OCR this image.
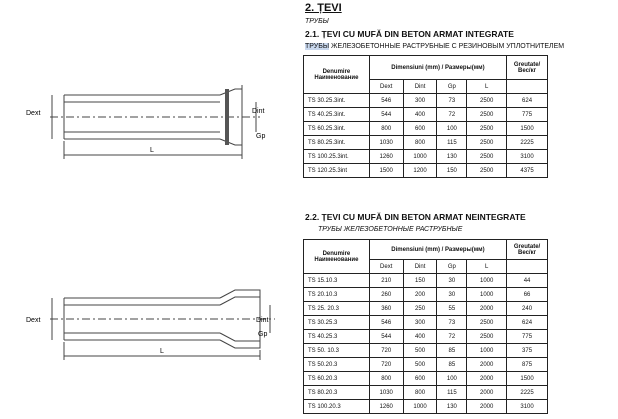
2. ȚEVI
ТРУБЫ
2.1. ȚEVI CU MUFĂ DIN BETON ARMAT INTEGRATE
ТРУБЫ ЖЕЛЕЗОБЕТОННЫЕ РАСТРУБНЫЕ С РЕЗИНОВЫМ УПЛОТНИТЕЛЕМ
Dext	Dint
Gp
L
Denumire Наименование	Dimensiuni (mm) / Размеры(мм)				Greutate/ Вес/кг
	Dext	Dint	Gp	L	
TS 30.25.3int.	546	300	73	2500	624
TS 40.25.3int.	544	400	72	2500	775
TS 60.25.3int.	800	600	100	2500	1500
TS 80.25.3int.	1030	800	115	2500	2225
TS 100.25.3int.	1260	1000	130	2500	3100
TS 120.25.3int	1500	1200	150	2500	4375
2.2. ȚEVI CU MUFĂ DIN BETON ARMAT NEINTEGRATE
ТРУБЫ ЖЕЛЕЗОБЕТОННЫЕ РАСТРУБНЫЕ
Dext	Dint
Gp
L
Denumire Наименование	Dimensiuni (mm) / Размеры(мм)				Greutate/ Вес/кг
	Dext	Dint	Gp	L	
TS 15.10.3	210	150	30	1000	44
TS 20.10.3	260	200	30	1000	66
TS 25. 20.3	360	250	55	2000	240
TS 30.25.3	546	300	73	2500	624
TS 40.25.3	544	400	72	2500	775
TS 50. 10.3	720	500	85	1000	375
TS 50.20.3	720	500	85	2000	875
TS 60.20.3	800	600	100	2000	1500
TS 80.20.3	1030	800	115	2000	2225
TS 100.20.3	1260	1000	130	2000	3100
